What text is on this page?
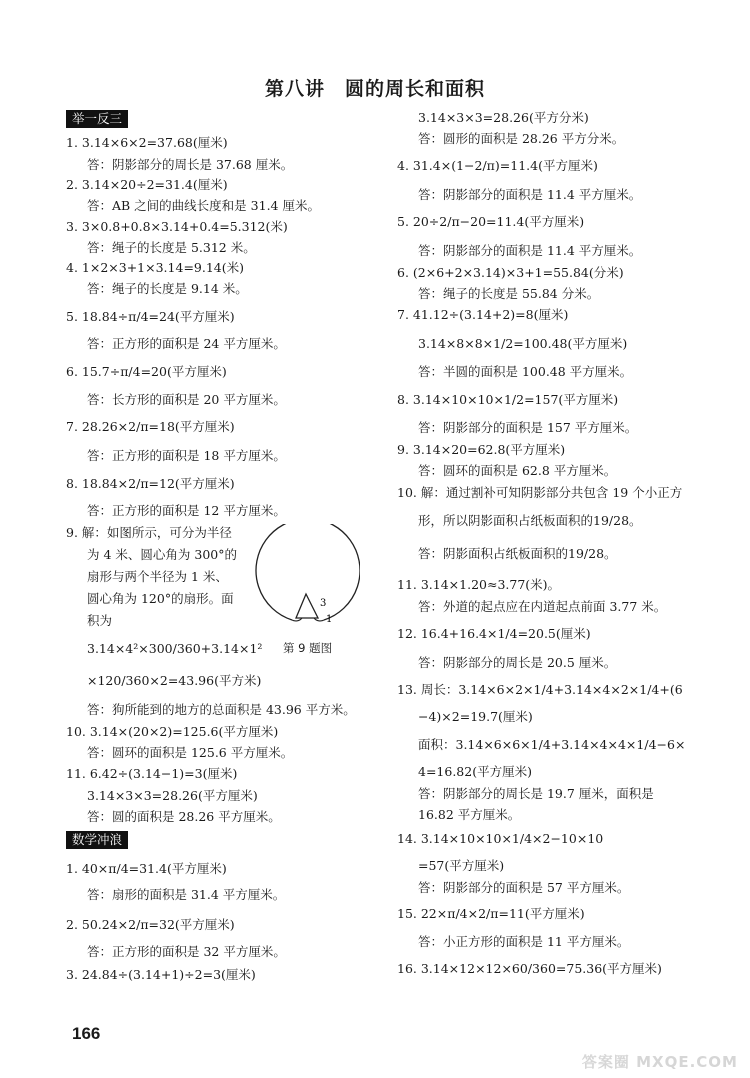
第八讲　圆的周长和面积
举一反三
数学冲浪
1. 3.14×6×2=37.68(厘米)
答：阴影部分的周长是 37.68 厘米。
2. 3.14×20÷2=31.4(厘米)
答：AB 之间的曲线长度和是 31.4 厘米。
3. 3×0.8+0.8×3.14+0.4=5.312(米)
答：绳子的长度是 5.312 米。
4. 1×2×3+1×3.14=9.14(米)
答：绳子的长度是 9.14 米。
5. 18.84÷π/4=24(平方厘米)
答：正方形的面积是 24 平方厘米。
6. 15.7÷π/4=20(平方厘米)
答：长方形的面积是 20 平方厘米。
7. 28.26×2/π=18(平方厘米)
答：正方形的面积是 18 平方厘米。
8. 18.84×2/π=12(平方厘米)
答：正方形的面积是 12 平方厘米。
9. 解：如图所示，可分为半径
为 4 米、圆心角为 300°的
扇形与两个半径为 1 米、
圆心角为 120°的扇形。面
积为
3.14×4²×300/360+3.14×1²
×120/360×2=43.96(平方米)
答：狗所能到的地方的总面积是 43.96 平方米。
10. 3.14×(20×2)=125.6(平方厘米)
答：圆环的面积是 125.6 平方厘米。
11. 6.42÷(3.14−1)=3(厘米)
3.14×3×3=28.26(平方厘米)
答：圆的面积是 28.26 平方厘米。
1. 40×π/4=31.4(平方厘米)
答：扇形的面积是 31.4 平方厘米。
2. 50.24×2/π=32(平方厘米)
答：正方形的面积是 32 平方厘米。
3. 24.84÷(3.14+1)÷2=3(厘米)
3
1
第 9 题图
3.14×3×3=28.26(平方分米)
答：圆形的面积是 28.26 平方分米。
4. 31.4×(1−2/π)=11.4(平方厘米)
答：阴影部分的面积是 11.4 平方厘米。
5. 20÷2/π−20=11.4(平方厘米)
答：阴影部分的面积是 11.4 平方厘米。
6. (2×6+2×3.14)×3+1=55.84(分米)
答：绳子的长度是 55.84 分米。
7. 41.12÷(3.14+2)=8(厘米)
3.14×8×8×1/2=100.48(平方厘米)
答：半圆的面积是 100.48 平方厘米。
8. 3.14×10×10×1/2=157(平方厘米)
答：阴影部分的面积是 157 平方厘米。
9. 3.14×20=62.8(平方厘米)
答：圆环的面积是 62.8 平方厘米。
10. 解：通过割补可知阴影部分共包含 19 个小正方
形，所以阴影面积占纸板面积的19/28。
答：阴影面积占纸板面积的19/28。
11. 3.14×1.20≈3.77(米)。
答：外道的起点应在内道起点前面 3.77 米。
12. 16.4+16.4×1/4=20.5(厘米)
答：阴影部分的周长是 20.5 厘米。
13. 周长：3.14×6×2×1/4+3.14×4×2×1/4+(6
−4)×2=19.7(厘米)
面积：3.14×6×6×1/4+3.14×4×4×1/4−6×
4=16.82(平方厘米)
答：阴影部分的周长是 19.7 厘米，面积是
16.82 平方厘米。
14. 3.14×10×10×1/4×2−10×10
=57(平方厘米)
答：阴影部分的面积是 57 平方厘米。
15. 22×π/4×2/π=11(平方厘米)
答：小正方形的面积是 11 平方厘米。
16. 3.14×12×12×60/360=75.36(平方厘米)
166
答案圈 MXQE.COM
